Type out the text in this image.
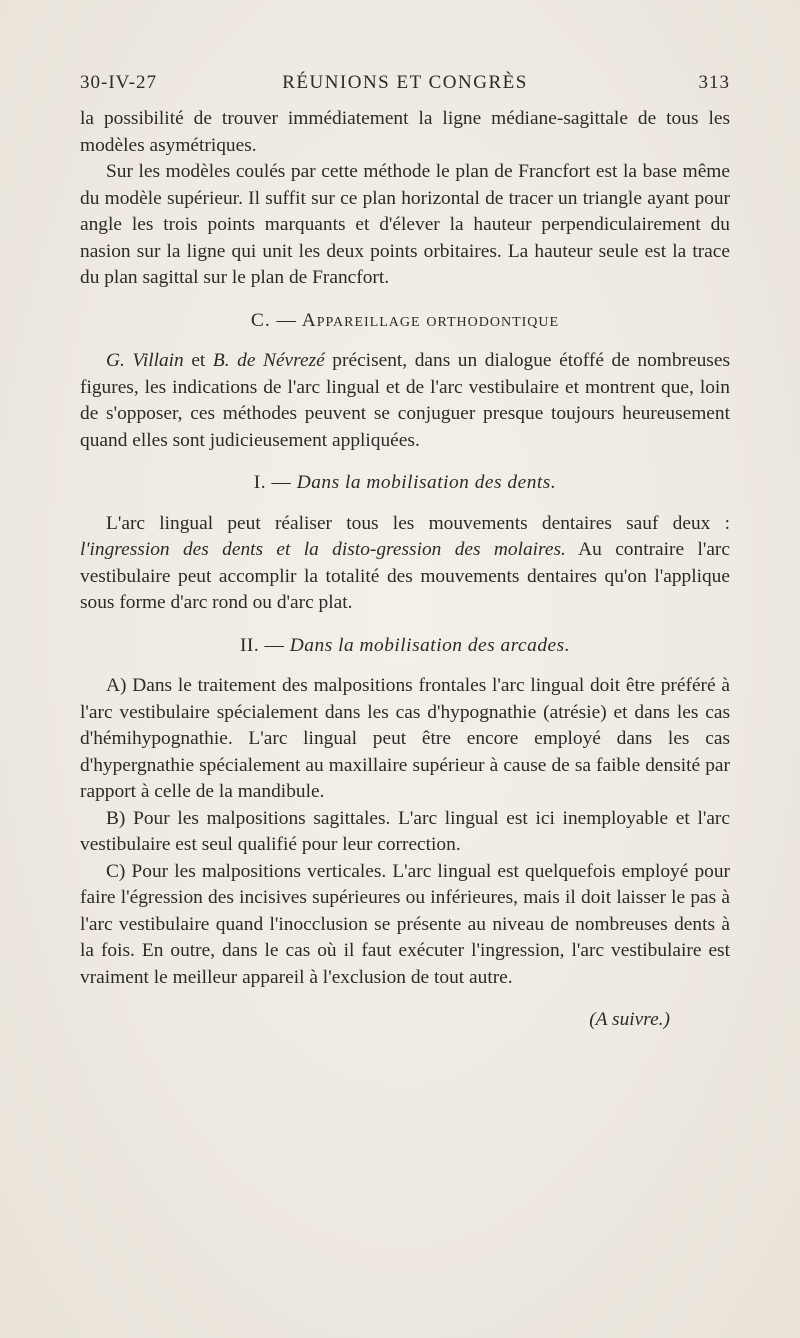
30-IV-27	RÉUNIONS ET CONGRÈS	313

la possibilité de trouver immédiatement la ligne médiane-sagittale de tous les modèles asymétriques.

Sur les modèles coulés par cette méthode le plan de Francfort est la base même du modèle supérieur. Il suffit sur ce plan horizontal de tracer un triangle ayant pour angle les trois points marquants et d'élever la hauteur perpendiculairement du nasion sur la ligne qui unit les deux points orbitaires. La hauteur seule est la trace du plan sagittal sur le plan de Francfort.

C. — Appareillage orthodontique

G. Villain et B. de Névrezé précisent, dans un dialogue étoffé de nombreuses figures, les indications de l'arc lingual et de l'arc vestibulaire et montrent que, loin de s'opposer, ces méthodes peuvent se conjuguer presque toujours heureusement quand elles sont judicieusement appliquées.

I. — Dans la mobilisation des dents.

L'arc lingual peut réaliser tous les mouvements dentaires sauf deux : l'ingression des dents et la disto-gression des molaires. Au contraire l'arc vestibulaire peut accomplir la totalité des mouvements dentaires qu'on l'applique sous forme d'arc rond ou d'arc plat.

II. — Dans la mobilisation des arcades.

A) Dans le traitement des malpositions frontales l'arc lingual doit être préféré à l'arc vestibulaire spécialement dans les cas d'hypognathie (atrésie) et dans les cas d'hémihypognathie. L'arc lingual peut être encore employé dans les cas d'hypergnathie spécialement au maxillaire supérieur à cause de sa faible densité par rapport à celle de la mandibule.

B) Pour les malpositions sagittales. L'arc lingual est ici inemployable et l'arc vestibulaire est seul qualifié pour leur correction.

C) Pour les malpositions verticales. L'arc lingual est quelquefois employé pour faire l'égression des incisives supérieures ou inférieures, mais il doit laisser le pas à l'arc vestibulaire quand l'inocclusion se présente au niveau de nombreuses dents à la fois. En outre, dans le cas où il faut exécuter l'ingression, l'arc vestibulaire est vraiment le meilleur appareil à l'exclusion de tout autre.

(A suivre.)
